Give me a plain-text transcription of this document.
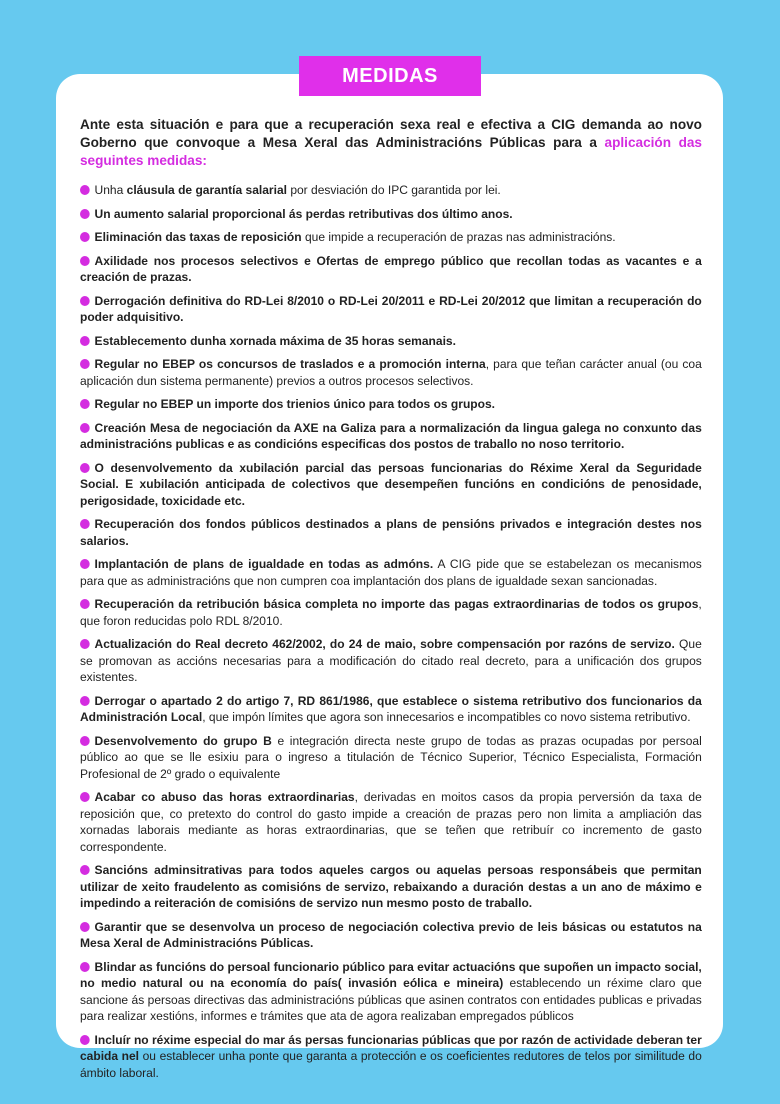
MEDIDAS

Ante esta situación e para que a recuperación sexa real e efectiva a CIG demanda ao novo Goberno que convoque a Mesa Xeral das Administracións Públicas para a aplicación das seguintes medidas:

Unha cláusula de garantía salarial por desviación do IPC garantida por lei.

Un aumento salarial proporcional ás perdas retributivas dos último anos.

Eliminación das taxas de reposición que impide a recuperación de prazas nas administracións.

Axilidade nos procesos selectivos e Ofertas de emprego público que recollan todas as vacantes e a creación de prazas.

Derrogación definitiva do RD-Lei 8/2010 o RD-Lei 20/2011 e RD-Lei 20/2012 que limitan a recuperación do poder adquisitivo.

Establecemento dunha xornada máxima de 35 horas semanais.

Regular no EBEP os concursos de traslados e a promoción interna, para que teñan carácter anual (ou coa aplicación dun sistema permanente) previos a outros procesos selectivos.

Regular no EBEP un importe dos trienios único para todos os grupos.

Creación Mesa de negociación da AXE na Galiza para a normalización da lingua galega no conxunto das administracións publicas e as condicións especificas dos postos de traballo no noso territorio.

O desenvolvemento da xubilación parcial das persoas funcionarias do Réxime Xeral da Seguridade Social. E xubilación anticipada de colectivos que desempeñen funcións en condicións de penosidade, perigosidade, toxicidade etc.

Recuperación dos fondos públicos destinados a plans de pensións privados e integración destes nos salarios.

Implantación de plans de igualdade en todas as admóns. A CIG pide que se estabelezan os mecanismos para que as administracións que non cumpren coa implantación dos plans de igualdade sexan sancionadas.

Recuperación da retribución básica completa no importe das pagas extraordinarias de todos os grupos, que foron reducidas polo RDL 8/2010.

Actualización do Real decreto 462/2002, do 24 de maio, sobre compensación por razóns de servizo. Que se promovan as accións necesarias para a modificación do citado real decreto, para a unificación dos grupos existentes.

Derrogar o apartado 2 do artigo 7, RD 861/1986, que establece o sistema retributivo dos funcionarios da Administración Local, que impón límites que agora son innecesarios e incompatibles co novo sistema retributivo.

Desenvolvemento do grupo B e integración directa neste grupo de todas as prazas ocupadas por persoal público ao que se lle esixiu para o ingreso a titulación de Técnico Superior, Técnico Especialista, Formación Profesional de 2º grado o equivalente

Acabar co abuso das horas extraordinarias, derivadas en moitos casos da propia perversión da taxa de reposición que, co pretexto do control do gasto impide a creación de prazas pero non limita a ampliación das xornadas laborais mediante as horas extraordinarias, que se teñen que retribuír co incremento de gasto correspondente.

Sancións adminsitrativas para todos aqueles cargos ou aquelas persoas responsábeis que permitan utilizar de xeito fraudelento as comisións de servizo, rebaixando a duración destas a un ano de máximo e impedindo a reiteración de comisións de servizo nun mesmo posto de traballo.

Garantir que se desenvolva un proceso de negociación colectiva previo de leis básicas ou estatutos na Mesa Xeral de Administracións Públicas.

Blindar as funcións do persoal funcionario público para evitar actuacións que supoñen un impacto social, no medio natural ou na economía do país( invasión eólica e mineira) establecendo un réxime claro que sancione ás persoas directivas das administracións públicas que asinen contratos con entidades publicas e privadas para realizar xestións, informes e trámites que ata de agora realizaban empregados públicos

Incluír no réxime especial do mar ás persas funcionarias públicas que por razón de actividade deberan ter cabida nel ou establecer unha ponte que garanta a protección e os coeficientes redutores de telos por similitude do ámbito laboral.
